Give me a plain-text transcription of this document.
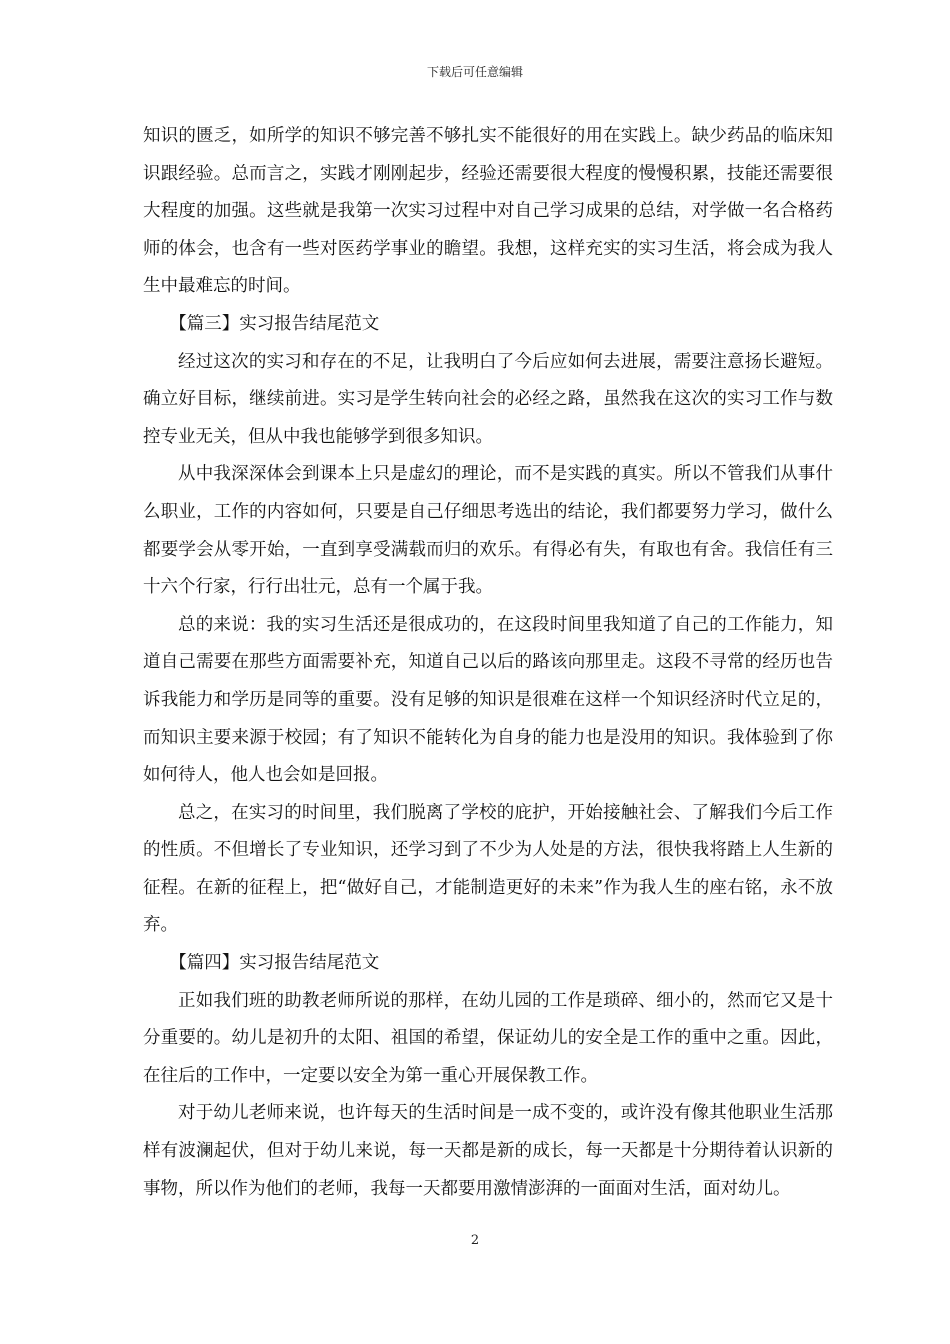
下载后可任意编辑

知识的匮乏，如所学的知识不够完善不够扎实不能很好的用在实践上。缺少药品的临床知识跟经验。总而言之，实践才刚刚起步，经验还需要很大程度的慢慢积累，技能还需要很大程度的加强。这些就是我第一次实习过程中对自己学习成果的总结，对学做一名合格药师的体会，也含有一些对医药学事业的瞻望。我想，这样充实的实习生活，将会成为我人生中最难忘的时间。

【篇三】实习报告结尾范文

经过这次的实习和存在的不足，让我明白了今后应如何去进展，需要注意扬长避短。确立好目标，继续前进。实习是学生转向社会的必经之路，虽然我在这次的实习工作与数控专业无关，但从中我也能够学到很多知识。

从中我深深体会到课本上只是虚幻的理论，而不是实践的真实。所以不管我们从事什么职业，工作的内容如何，只要是自己仔细思考选出的结论，我们都要努力学习，做什么都要学会从零开始，一直到享受满载而归的欢乐。有得必有失，有取也有舍。我信任有三十六个行家，行行出壮元，总有一个属于我。

总的来说：我的实习生活还是很成功的，在这段时间里我知道了自己的工作能力，知道自己需要在那些方面需要补充，知道自己以后的路该向那里走。这段不寻常的经历也告诉我能力和学历是同等的重要。没有足够的知识是很难在这样一个知识经济时代立足的，而知识主要来源于校园；有了知识不能转化为自身的能力也是没用的知识。我体验到了你如何待人，他人也会如是回报。

总之，在实习的时间里，我们脱离了学校的庇护，开始接触社会、了解我们今后工作的性质。不但增长了专业知识，还学习到了不少为人处是的方法，很快我将踏上人生新的征程。在新的征程上，把“做好自己，才能制造更好的未来”作为我人生的座右铭，永不放弃。

【篇四】实习报告结尾范文

正如我们班的助教老师所说的那样，在幼儿园的工作是琐碎、细小的，然而它又是十分重要的。幼儿是初升的太阳、祖国的希望，保证幼儿的安全是工作的重中之重。因此，在往后的工作中，一定要以安全为第一重心开展保教工作。

对于幼儿老师来说，也许每天的生活时间是一成不变的，或许没有像其他职业生活那样有波澜起伏，但对于幼儿来说，每一天都是新的成长，每一天都是十分期待着认识新的事物，所以作为他们的老师，我每一天都要用激情澎湃的一面面对生活，面对幼儿。

2
